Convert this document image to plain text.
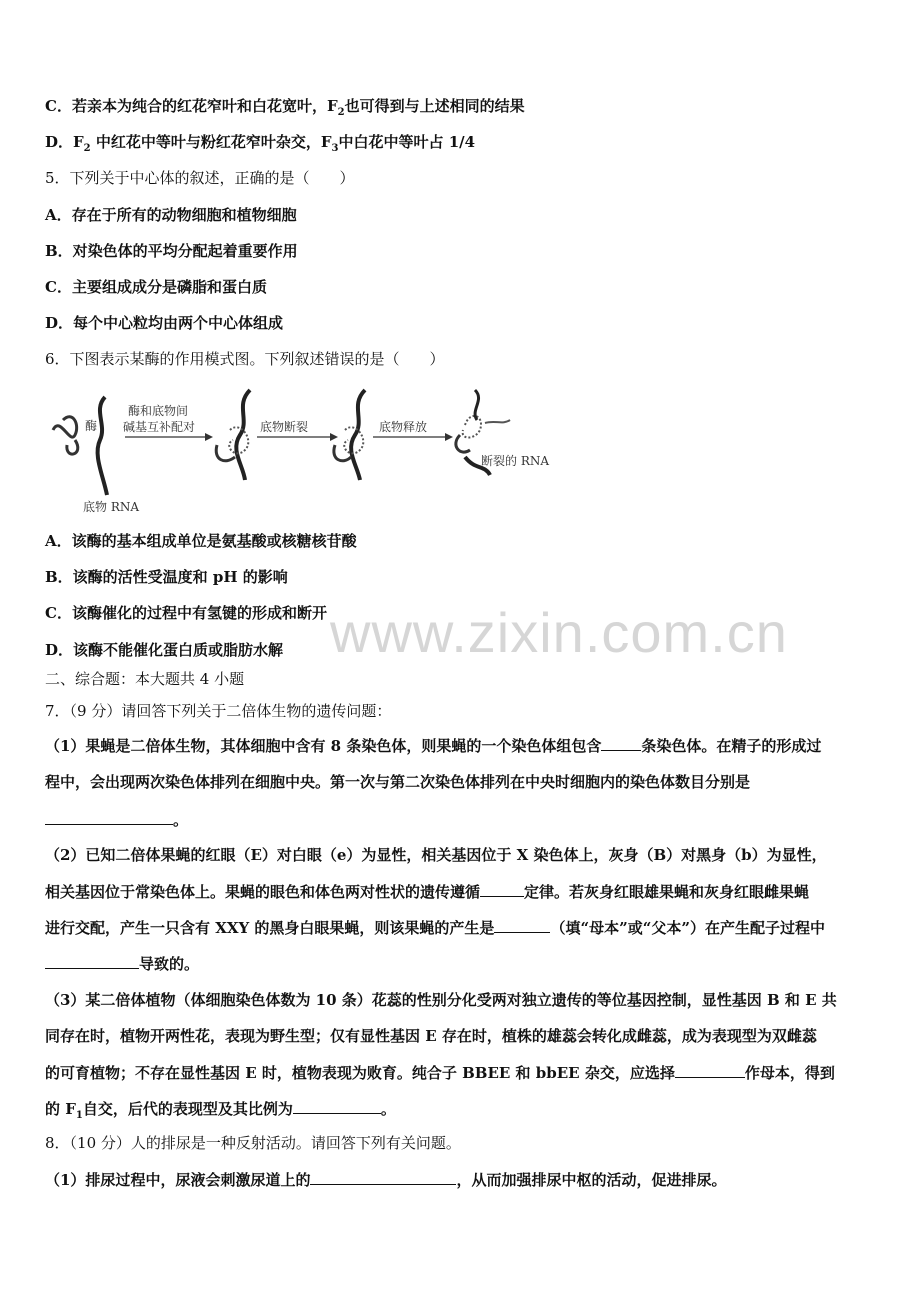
C．若亲本为纯合的红花窄叶和白花宽叶，$F_2$也可得到与上述相同的结果
D．$F_2$ 中红花中等叶与粉红花窄叶杂交，$F_3$中白花中等叶占 1/4
5．下列关于中心体的叙述，正确的是（　　）
A．存在于所有的动物细胞和植物细胞
B．对染色体的平均分配起着重要作用
C．主要组成成分是磷脂和蛋白质
D．每个中心粒均由两个中心体组成
6．下图表示某酶的作用模式图。下列叙述错误的是（　　）
酶
底物 RNA
酶和底物间
碱基互补配对	底物断裂	底物释放
断裂的 RNA
A．该酶的基本组成单位是氨基酸或核糖核苷酸
B．该酶的活性受温度和 pH 的影响
C．该酶催化的过程中有氢键的形成和断开
D．该酶不能催化蛋白质或脂肪水解 www.zixin.com.cn
二、综合题：本大题共 4 小题
7．（9 分）请回答下列关于二倍体生物的遗传问题：
（1）果蝇是二倍体生物，其体细胞中含有 8 条染色体，则果蝇的一个染色体组包含	条染色体。在精子的形成过
程中，会出现两次染色体排列在细胞中央。第一次与第二次染色体排列在中央时细胞内的染色体数目分别是
。
（2）已知二倍体果蝇的红眼（E）对白眼（e）为显性，相关基因位于 X 染色体上，灰身（B）对黑身（b）为显性，
相关基因位于常染色体上。果蝇的眼色和体色两对性状的遗传遵循	定律。若灰身红眼雄果蝇和灰身红眼雌果蝇
进行交配，产生一只含有 XXY 的黑身白眼果蝇，则该果蝇的产生是	（填“母本”或“父本”）在产生配子过程中
导致的。
（3）某二倍体植物（体细胞染色体数为 10 条）花蕊的性别分化受两对独立遗传的等位基因控制，显性基因 B 和 E 共
同存在时，植物开两性花，表现为野生型；仅有显性基因 E 存在时，植株的雄蕊会转化成雌蕊，成为表现型为双雌蕊
的可育植物；不存在显性基因 E 时，植物表现为败育。纯合子 BBEE 和 bbEE 杂交，应选择	作母本，得到
的 $F_1$自交，后代的表现型及其比例为	。
8．（10 分）人的排尿是一种反射活动。请回答下列有关问题。
（1）排尿过程中，尿液会刺激尿道上的	，从而加强排尿中枢的活动，促进排尿。
